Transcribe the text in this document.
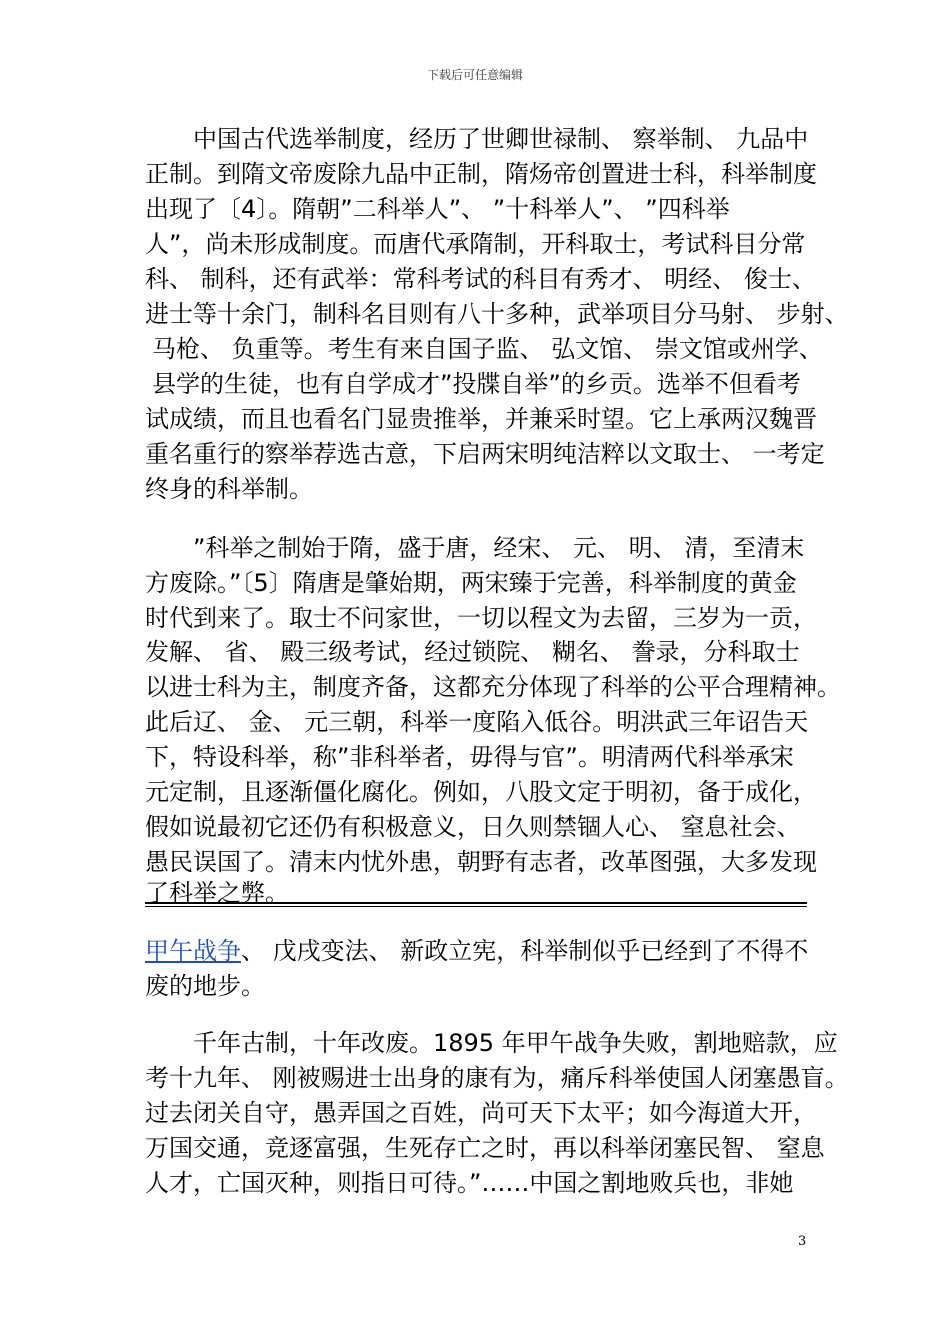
下载后可任意编辑
中国古代选举制度，经历了世卿世禄制、 察举制、 九品中
正制。到隋文帝废除九品中正制，隋炀帝创置进士科，科举制度
出现了〔4〕。隋朝”二科举人”、 ”十科举人”、 ”四科举
人”，尚未形成制度。而唐代承隋制，开科取士，考试科目分常
科、 制科，还有武举：常科考试的科目有秀才、 明经、 俊士、
进士等十余门，制科名目则有八十多种，武举项目分马射、 步射、
马枪、 负重等。考生有来自国子监、 弘文馆、 崇文馆或州学、
县学的生徒，也有自学成才”投牒自举”的乡贡。选举不但看考
试成绩，而且也看名门显贵推举，并兼采时望。它上承两汉魏晋
重名重行的察举荐选古意，下启两宋明纯洁粹以文取士、 一考定
终身的科举制。
”科举之制始于隋，盛于唐，经宋、 元、 明、 清，至清末
方废除。”〔5〕隋唐是肇始期，两宋臻于完善，科举制度的黄金
时代到来了。取士不问家世，一切以程文为去留，三岁为一贡，
发解、 省、 殿三级考试，经过锁院、 糊名、 誊录，分科取士
以进士科为主，制度齐备，这都充分体现了科举的公平合理精神。
此后辽、 金、 元三朝，科举一度陷入低谷。明洪武三年诏告天
下，特设科举，称”非科举者，毋得与官”。明清两代科举承宋
元定制，且逐渐僵化腐化。例如，八股文定于明初，备于成化，
假如说最初它还仍有积极意义，日久则禁锢人心、 窒息社会、
愚民误国了。清末内忧外患，朝野有志者，改革图强，大多发现
了科举之弊。
甲午战争、 戊戌变法、 新政立宪，科举制似乎已经到了不得不
废的地步。
千年古制，十年改废。1895 年甲午战争失败，割地赔款，应
考十九年、 刚被赐进士出身的康有为，痛斥科举使国人闭塞愚盲。
过去闭关自守，愚弄国之百姓，尚可天下太平；如今海道大开，
万国交通，竞逐富强，生死存亡之时，再以科举闭塞民智、 窒息
人才，亡国灭种，则指日可待。”……中国之割地败兵也，非她
3
